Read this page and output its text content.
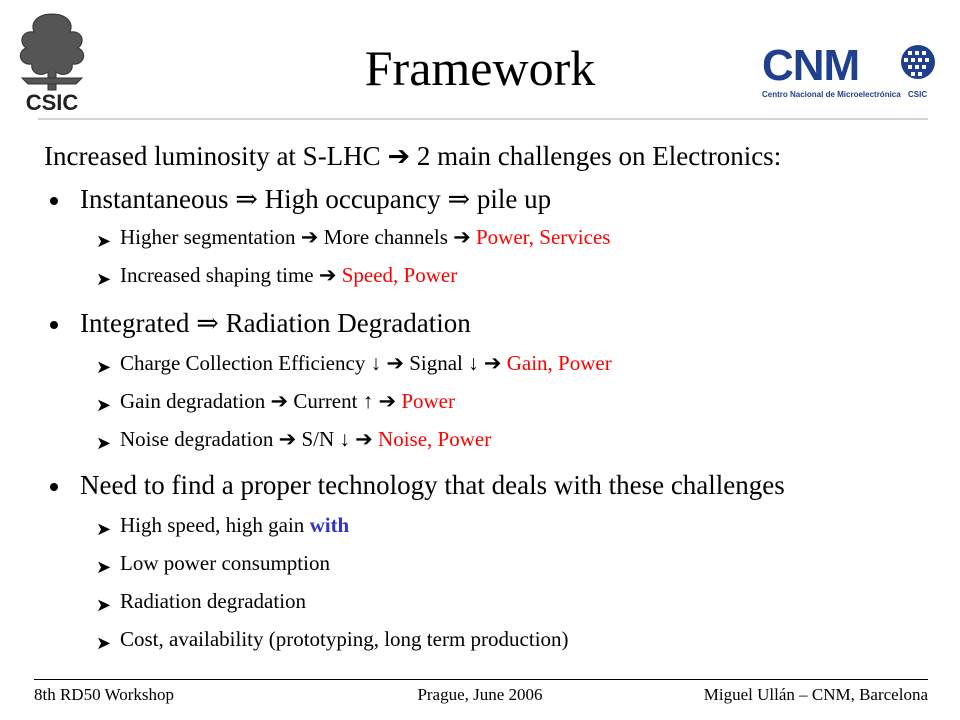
CSIC
CNM
Centro Nacional de Microelectrónica CSIC
Framework
Increased luminosity at S-LHC ➔ 2 main challenges on Electronics:
Instantaneous ⇒ High occupancy ⇒ pile up
➤ Higher segmentation ➔ More channels ➔ Power, Services
➤ Increased shaping time ➔ Speed, Power
Integrated ⇒ Radiation Degradation
➤ Charge Collection Efficiency ↓ ➔ Signal ↓ ➔ Gain, Power
➤ Gain degradation ➔ Current ↑ ➔ Power
➤ Noise degradation ➔ S/N ↓ ➔ Noise, Power
Need to find a proper technology that deals with these challenges
➤ High speed, high gain with
➤ Low power consumption
➤ Radiation degradation
➤ Cost, availability (prototyping, long term production)
8th RD50 Workshop	Prague, June 2006	Miguel Ullán – CNM, Barcelona
